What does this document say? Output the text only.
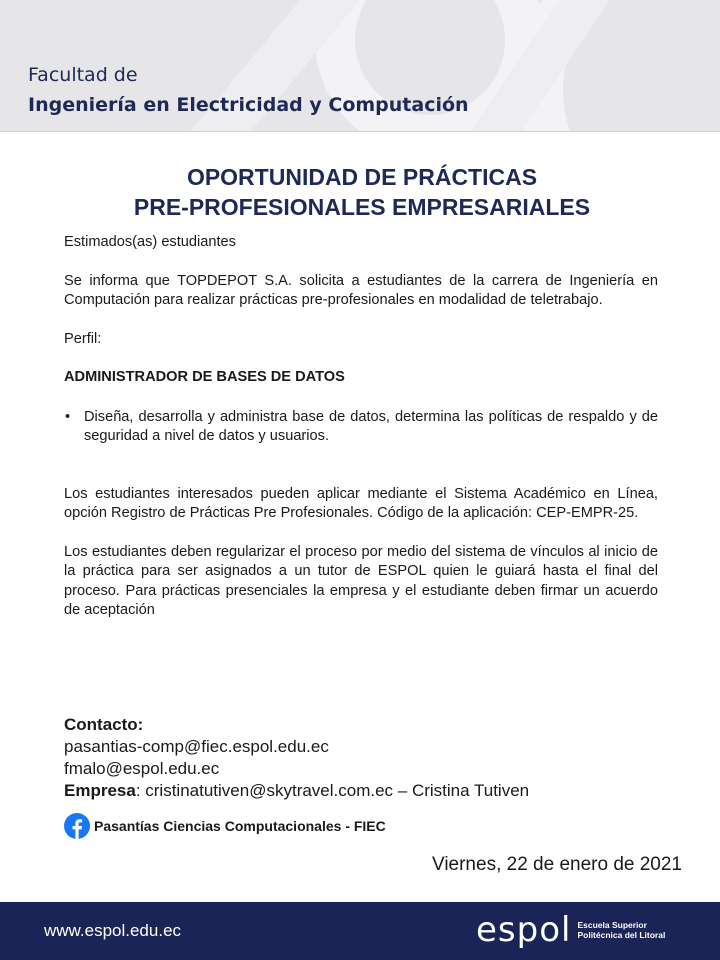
Facultad de
Ingeniería en Electricidad y Computación
OPORTUNIDAD DE PRÁCTICAS
PRE-PROFESIONALES EMPRESARIALES

Estimados(as) estudiantes

Se informa que TOPDEPOT S.A. solicita a estudiantes de la carrera de Ingeniería en Computación para realizar prácticas pre-profesionales en modalidad de teletrabajo.

Perfil:

ADMINISTRADOR DE BASES DE DATOS

• Diseña, desarrolla y administra base de datos, determina las políticas de respaldo y de seguridad a nivel de datos y usuarios.

Los estudiantes interesados pueden aplicar mediante el Sistema Académico en Línea, opción Registro de Prácticas Pre Profesionales. Código de la aplicación: CEP-EMPR-25.

Los estudiantes deben regularizar el proceso por medio del sistema de vínculos al inicio de la práctica para ser asignados a un tutor de ESPOL quien le guiará hasta el final del proceso. Para prácticas presenciales la empresa y el estudiante deben firmar un acuerdo de aceptación

Contacto:
pasantias-comp@fiec.espol.edu.ec
fmalo@espol.edu.ec
Empresa: cristinatutiven@skytravel.com.ec – Cristina Tutiven
Pasantías Ciencias Computacionales - FIEC
Viernes, 22 de enero de 2021
www.espol.edu.ec	espol Escuela Superior
Politécnica del Litoral
